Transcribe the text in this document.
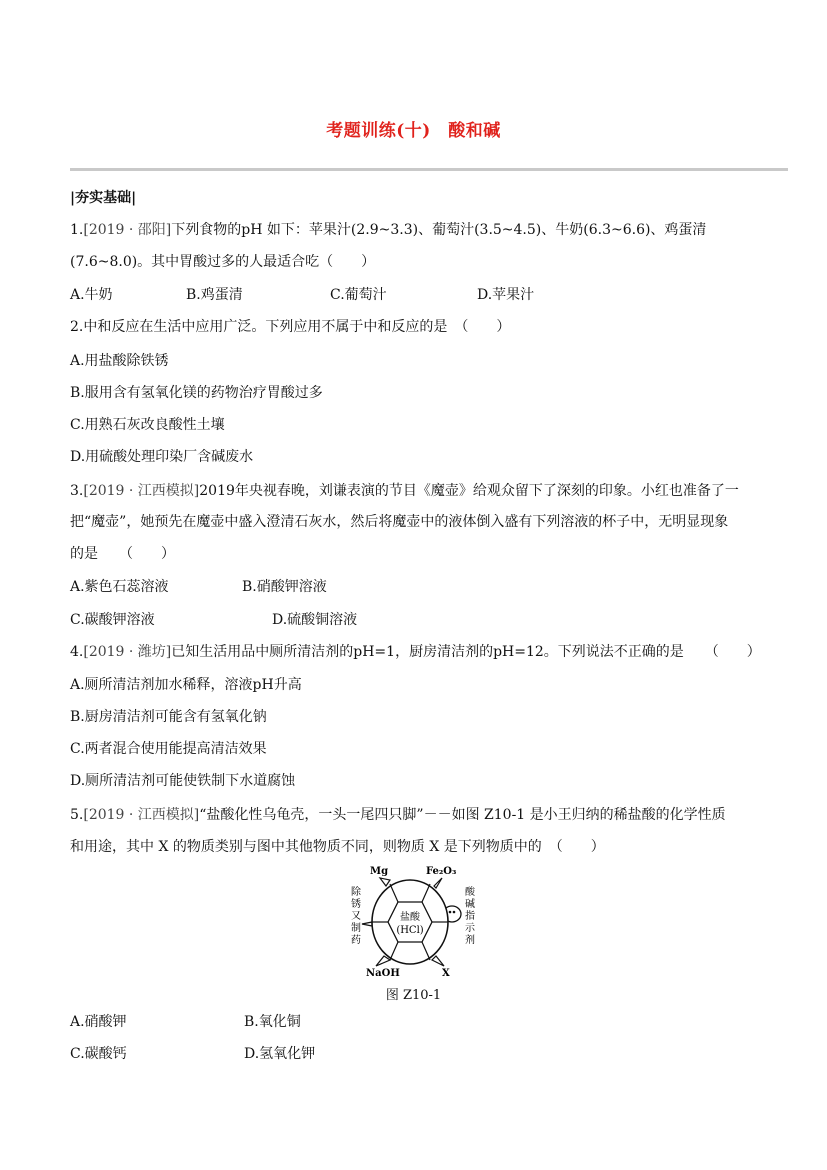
考题训练(十)　酸和碱
|夯实基础|
1.[2019 · 邵阳]下列食物的pH 如下：苹果汁(2.9~3.3)、葡萄汁(3.5~4.5)、牛奶(6.3~6.6)、鸡蛋清
(7.6~8.0)。其中胃酸过多的人最适合吃（　　）
A.牛奶	B.鸡蛋清	C.葡萄汁	D.苹果汁
2.中和反应在生活中应用广泛。下列应用不属于中和反应的是　（　　）
A.用盐酸除铁锈
B.服用含有氢氧化镁的药物治疗胃酸过多
C.用熟石灰改良酸性土壤
D.用硫酸处理印染厂含碱废水
3.[2019 · 江西模拟]2019年央视春晚，刘谦表演的节目《魔壶》给观众留下了深刻的印象。小红也准备了一
把“魔壶”，她预先在魔壶中盛入澄清石灰水，然后将魔壶中的液体倒入盛有下列溶液的杯子中，无明显现象
的是　　（　　）
A.紫色石蕊溶液	B.硝酸钾溶液
C.碳酸钾溶液	D.硫酸铜溶液
4.[2019 · 潍坊]已知生活用品中厕所清洁剂的pH=1，厨房清洁剂的pH=12。下列说法不正确的是　　（　　）
A.厕所清洁剂加水稀释，溶液pH升高
B.厨房清洁剂可能含有氢氧化钠
C.两者混合使用能提高清洁效果
D.厕所清洁剂可能使铁制下水道腐蚀
5.[2019 · 江西模拟]“盐酸化性乌龟壳，一头一尾四只脚”－－如图 Z10-1 是小王归纳的稀盐酸的化学性质
和用途，其中 X 的物质类别与图中其他物质不同，则物质 X 是下列物质中的　（　　）
Mg	Fe₂O₃
盐酸
(HCl)
除锈又制药	酸碱指示剂
NaOH	X
图 Z10-1
A.硝酸钾	B.氧化铜
C.碳酸钙	D.氢氧化钾
